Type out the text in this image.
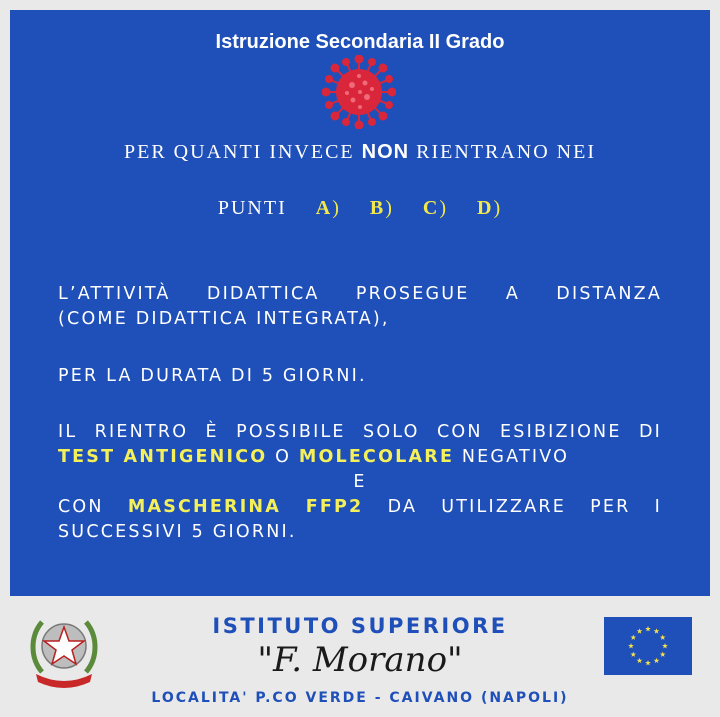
Istruzione Secondaria II Grado
PER QUANTI INVECE NON RIENTRANO NEI
PUNTI A) B) C) D)
L’ATTIVITÀ DIDATTICA PROSEGUE A DISTANZA
(COME DIDATTICA INTEGRATA),
PER LA DURATA DI 5 GIORNI.
IL RIENTRO È POSSIBILE SOLO CON ESIBIZIONE DI
TEST ANTIGENICO O MOLECOLARE NEGATIVO
E
CON MASCHERINA FFP2 DA UTILIZZARE PER I
SUCCESSIVI 5 GIORNI.
ISTITUTO SUPERIORE
"F. Morano"
LOCALITA' P.CO VERDE - CAIVANO (NAPOLI)
